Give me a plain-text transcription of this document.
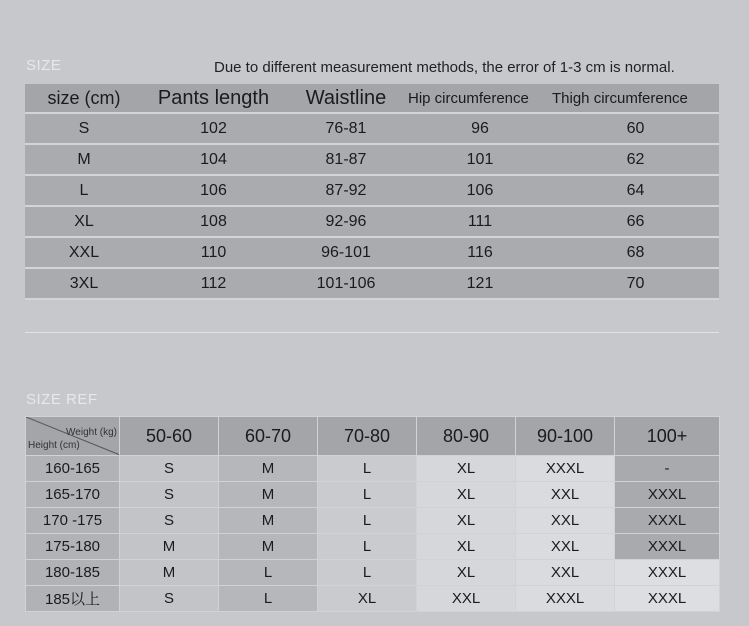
SIZE	Due to different measurement methods, the error of 1-3 cm is normal.
size (cm)	Pants length	Waistline	Hip circumference	Thigh circumference
S	102	76-81	96	60
M	104	81-87	101	62
L	106	87-92	106	64
XL	108	92-96	111	66
XXL	110	96-101	116	68
3XL	112	101-106	121	70
SIZE REF
Weight (kg)
Height (cm)	50-60	60-70	70-80	80-90	90-100	100+
160-165	S	M	L	XL	XXXL	-
165-170	S	M	L	XL	XXL	XXXL
170 -175	S	M	L	XL	XXL	XXXL
175-180	M	M	L	XL	XXL	XXXL
180-185	M	L	L	XL	XXL	XXXL
185以上	S	L	XL	XXL	XXXL	XXXL
